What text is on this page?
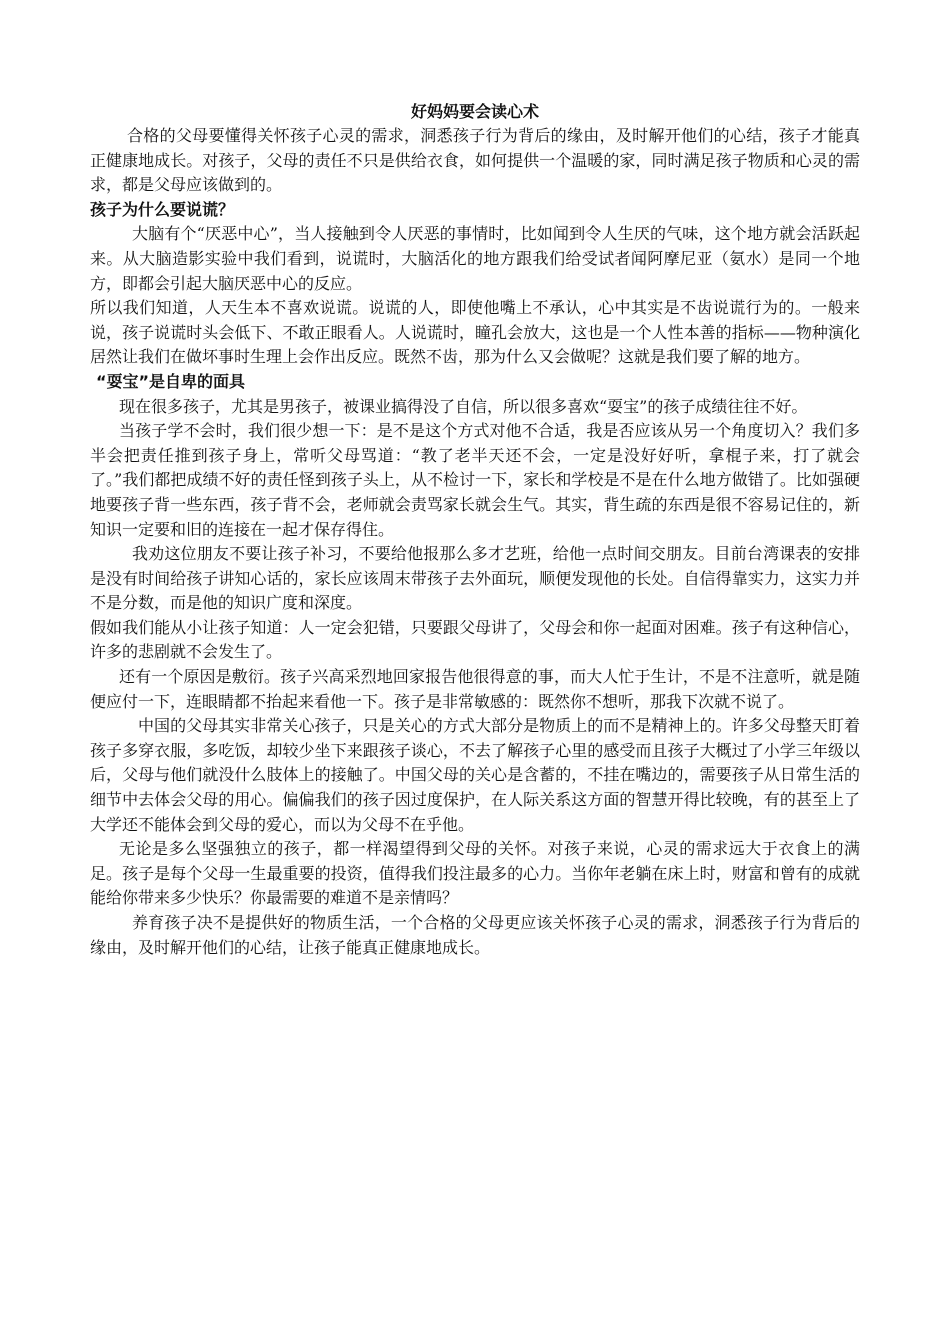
好妈妈要会读心术

合格的父母要懂得关怀孩子心灵的需求，洞悉孩子行为背后的缘由，及时解开他们的心结，孩子才能真正健康地成长。对孩子，父母的责任不只是供给衣食，如何提供一个温暖的家，同时满足孩子物质和心灵的需求，都是父母应该做到的。

孩子为什么要说谎？

大脑有个“厌恶中心”，当人接触到令人厌恶的事情时，比如闻到令人生厌的气味，这个地方就会活跃起来。从大脑造影实验中我们看到，说谎时，大脑活化的地方跟我们给受试者闻阿摩尼亚（氨水）是同一个地方，即都会引起大脑厌恶中心的反应。

所以我们知道，人天生本不喜欢说谎。说谎的人，即使他嘴上不承认，心中其实是不齿说谎行为的。一般来说，孩子说谎时头会低下、不敢正眼看人。人说谎时，瞳孔会放大，这也是一个人性本善的指标——物种演化居然让我们在做坏事时生理上会作出反应。既然不齿，那为什么又会做呢？这就是我们要了解的地方。

“耍宝”是自卑的面具

现在很多孩子，尤其是男孩子，被课业搞得没了自信，所以很多喜欢“耍宝”的孩子成绩往往不好。

当孩子学不会时，我们很少想一下：是不是这个方式对他不合适，我是否应该从另一个角度切入？我们多半会把责任推到孩子身上，常听父母骂道：“教了老半天还不会，一定是没好好听，拿棍子来，打了就会了。”我们都把成绩不好的责任怪到孩子头上，从不检讨一下，家长和学校是不是在什么地方做错了。比如强硬地要孩子背一些东西，孩子背不会，老师就会责骂家长就会生气。其实，背生疏的东西是很不容易记住的，新知识一定要和旧的连接在一起才保存得住。

我劝这位朋友不要让孩子补习，不要给他报那么多才艺班，给他一点时间交朋友。目前台湾课表的安排是没有时间给孩子讲知心话的，家长应该周末带孩子去外面玩，顺便发现他的长处。自信得靠实力，这实力并不是分数，而是他的知识广度和深度。

假如我们能从小让孩子知道：人一定会犯错，只要跟父母讲了，父母会和你一起面对困难。孩子有这种信心，许多的悲剧就不会发生了。

还有一个原因是敷衍。孩子兴高采烈地回家报告他很得意的事，而大人忙于生计，不是不注意听，就是随便应付一下，连眼睛都不抬起来看他一下。孩子是非常敏感的：既然你不想听，那我下次就不说了。

中国的父母其实非常关心孩子，只是关心的方式大部分是物质上的而不是精神上的。许多父母整天盯着孩子多穿衣服，多吃饭，却较少坐下来跟孩子谈心，不去了解孩子心里的感受而且孩子大概过了小学三年级以后，父母与他们就没什么肢体上的接触了。中国父母的关心是含蓄的，不挂在嘴边的，需要孩子从日常生活的细节中去体会父母的用心。偏偏我们的孩子因过度保护，在人际关系这方面的智慧开得比较晚，有的甚至上了大学还不能体会到父母的爱心，而以为父母不在乎他。

无论是多么坚强独立的孩子，都一样渴望得到父母的关怀。对孩子来说，心灵的需求远大于衣食上的满足。孩子是每个父母一生最重要的投资，值得我们投注最多的心力。当你年老躺在床上时，财富和曾有的成就能给你带来多少快乐？你最需要的难道不是亲情吗？

养育孩子决不是提供好的物质生活，一个合格的父母更应该关怀孩子心灵的需求，洞悉孩子行为背后的缘由，及时解开他们的心结，让孩子能真正健康地成长。
